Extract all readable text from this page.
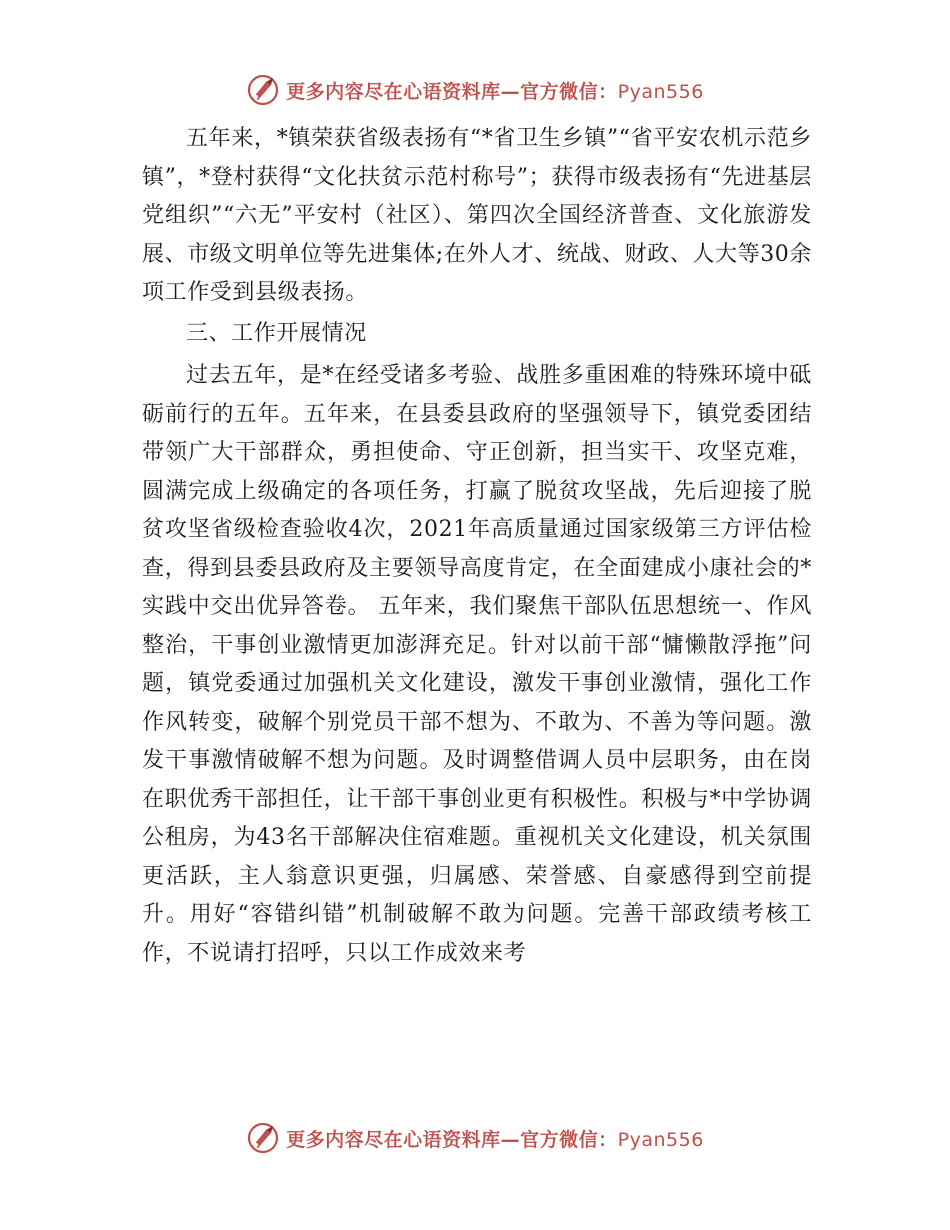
更多内容尽在心语资料库—官方微信：Pyan556

五年来，*镇荣获省级表扬有“*省卫生乡镇”“省平安农机示范乡镇”，*登村获得“文化扶贫示范村称号”；获得市级表扬有“先进基层党组织”“六无”平安村（社区）、第四次全国经济普查、文化旅游发展、市级文明单位等先进集体;在外人才、统战、财政、人大等30余项工作受到县级表扬。

三、工作开展情况

过去五年，是*在经受诸多考验、战胜多重困难的特殊环境中砥砺前行的五年。五年来，在县委县政府的坚强领导下，镇党委团结带领广大干部群众，勇担使命、守正创新，担当实干、攻坚克难，圆满完成上级确定的各项任务，打赢了脱贫攻坚战，先后迎接了脱贫攻坚省级检查验收4次，2021年高质量通过国家级第三方评估检查，得到县委县政府及主要领导高度肯定，在全面建成小康社会的*实践中交出优异答卷。 五年来，我们聚焦干部队伍思想统一、作风整治，干事创业激情更加澎湃充足。针对以前干部“慵懒散浮拖”问题，镇党委通过加强机关文化建设，激发干事创业激情，强化工作作风转变，破解个别党员干部不想为、不敢为、不善为等问题。激发干事激情破解不想为问题。及时调整借调人员中层职务，由在岗在职优秀干部担任，让干部干事创业更有积极性。积极与*中学协调公租房，为43名干部解决住宿难题。重视机关文化建设，机关氛围更活跃，主人翁意识更强，归属感、荣誉感、自豪感得到空前提升。用好“容错纠错”机制破解不敢为问题。完善干部政绩考核工作，不说请打招呼，只以工作成效来考

更多内容尽在心语资料库—官方微信：Pyan556
